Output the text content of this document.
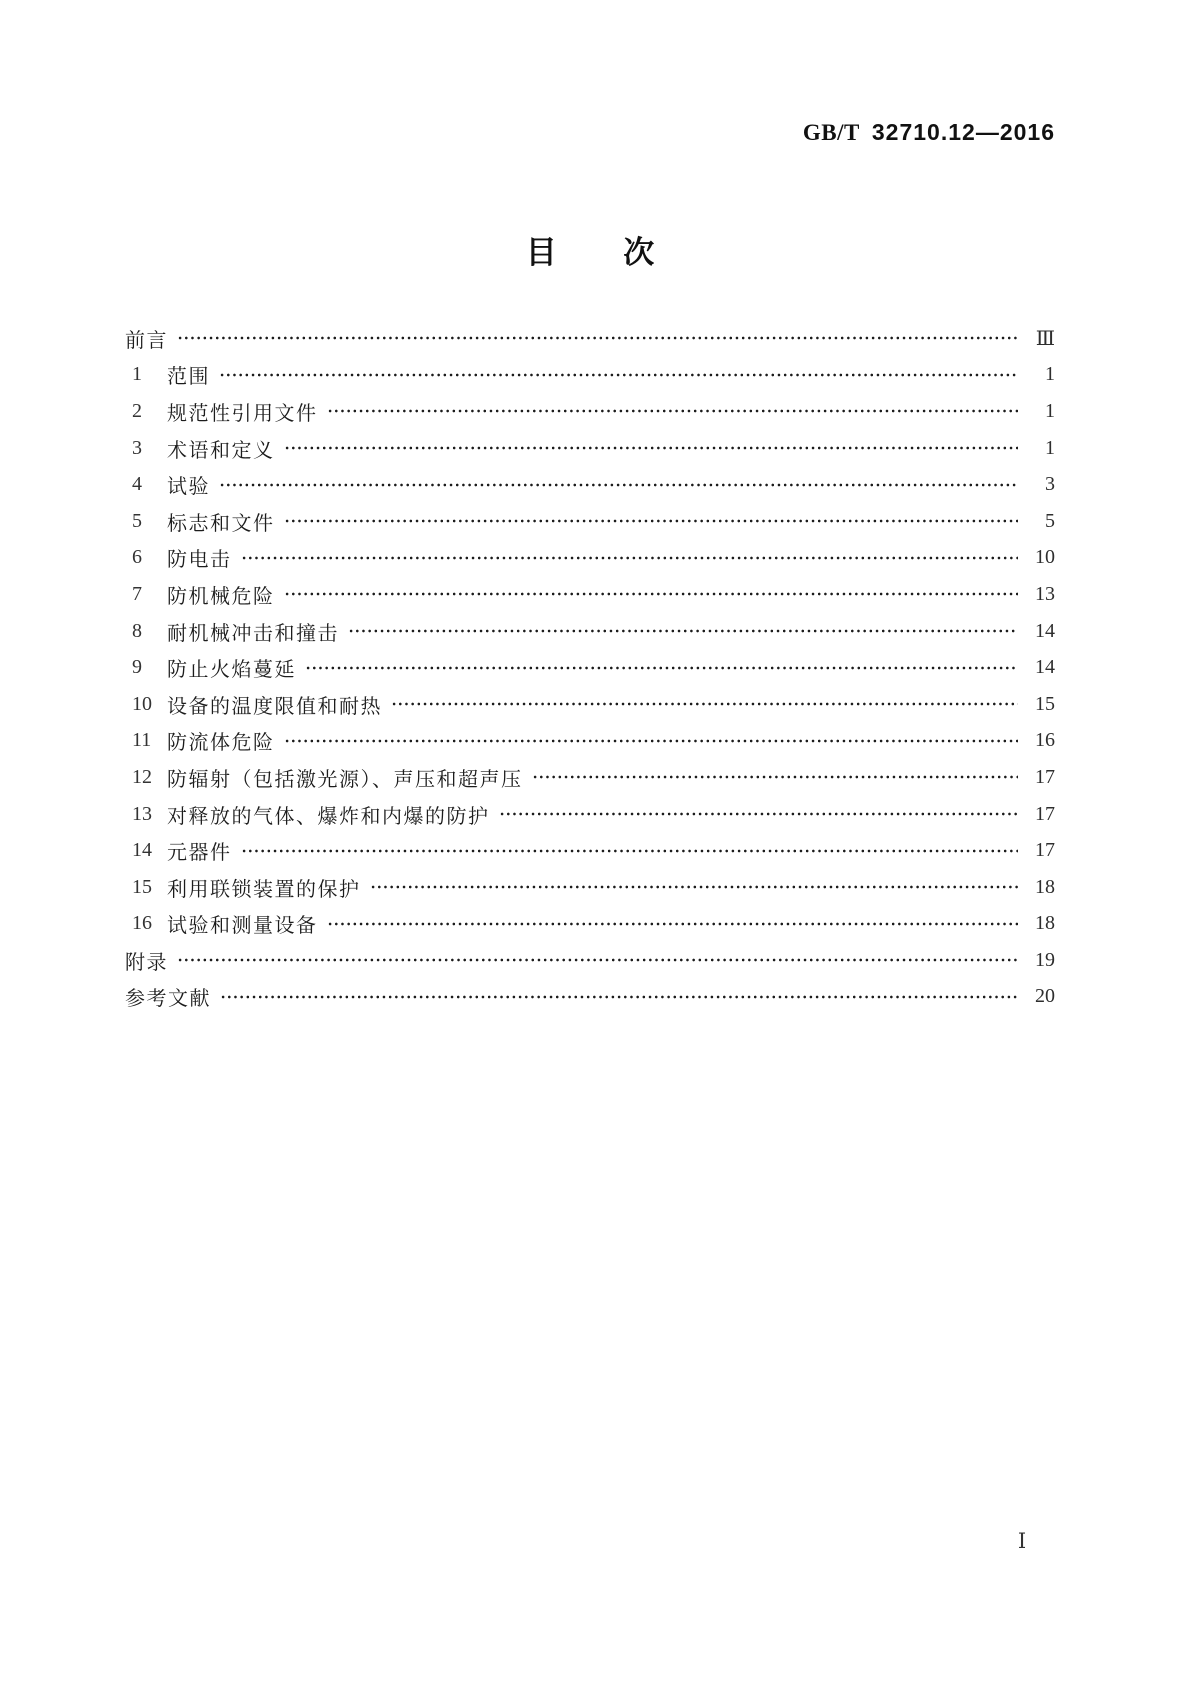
GB/T 32710.12—2016
目 次
前言	Ⅲ
1	范围	1
2	规范性引用文件	1
3	术语和定义	1
4	试验	3
5	标志和文件	5
6	防电击	10
7	防机械危险	13
8	耐机械冲击和撞击	14
9	防止火焰蔓延	14
10 设备的温度限值和耐热	15
11 防流体危险	16
12 防辐射（包括激光源）、声压和超声压	17
13 对释放的气体、爆炸和内爆的防护	17
14 元器件	17
15 利用联锁装置的保护	18
16 试验和测量设备	18
附录	19
参考文献	20
Ⅰ
